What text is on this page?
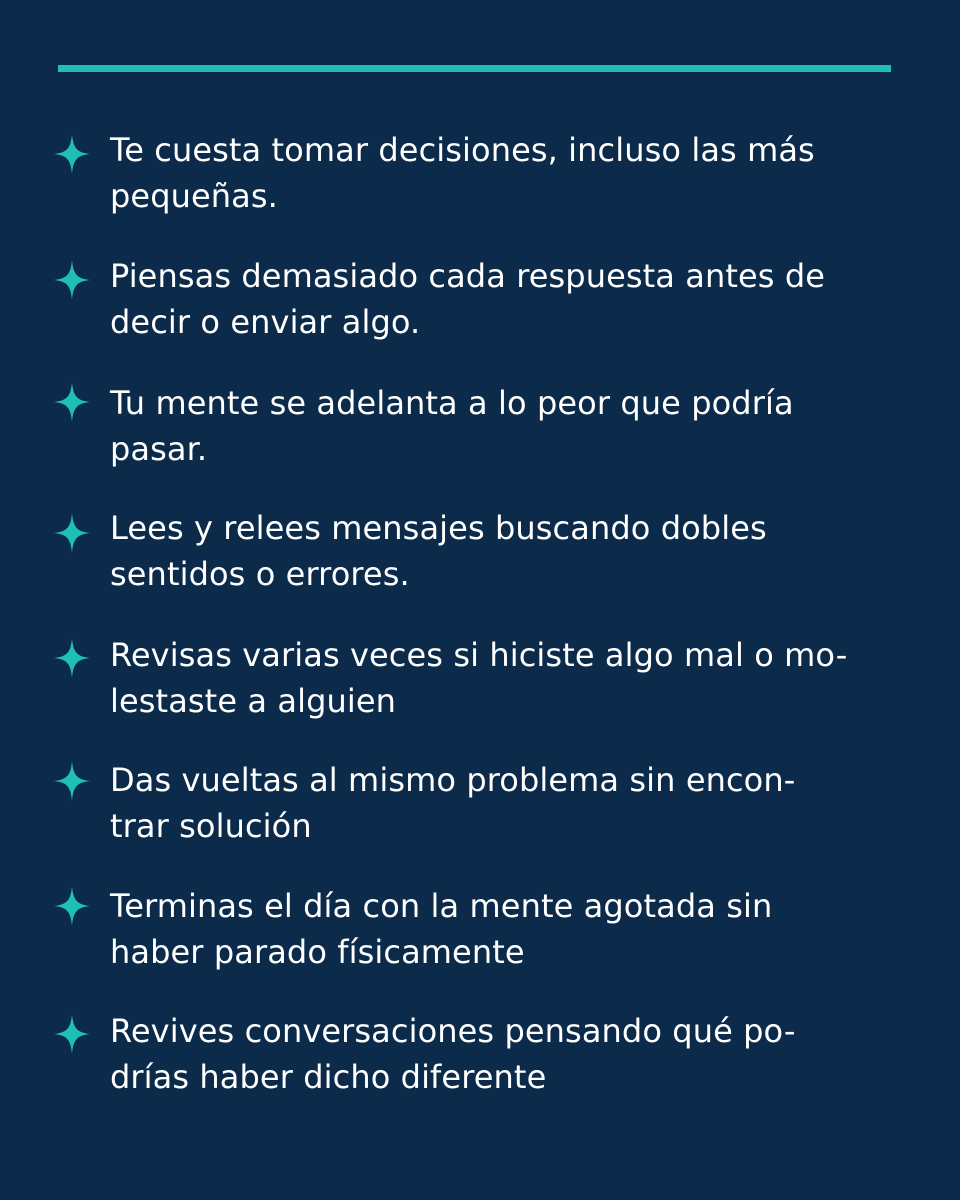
Te cuesta tomar decisiones, incluso las más
pequeñas.
Piensas demasiado cada respuesta antes de
decir o enviar algo.
Tu mente se adelanta a lo peor que podría
pasar.
Lees y relees mensajes buscando dobles
sentidos o errores.
Revisas varias veces si hiciste algo mal o mo-
lestaste a alguien
Das vueltas al mismo problema sin encon-
trar solución
Terminas el día con la mente agotada sin
haber parado físicamente
Revives conversaciones pensando qué po-
drías haber dicho diferente
